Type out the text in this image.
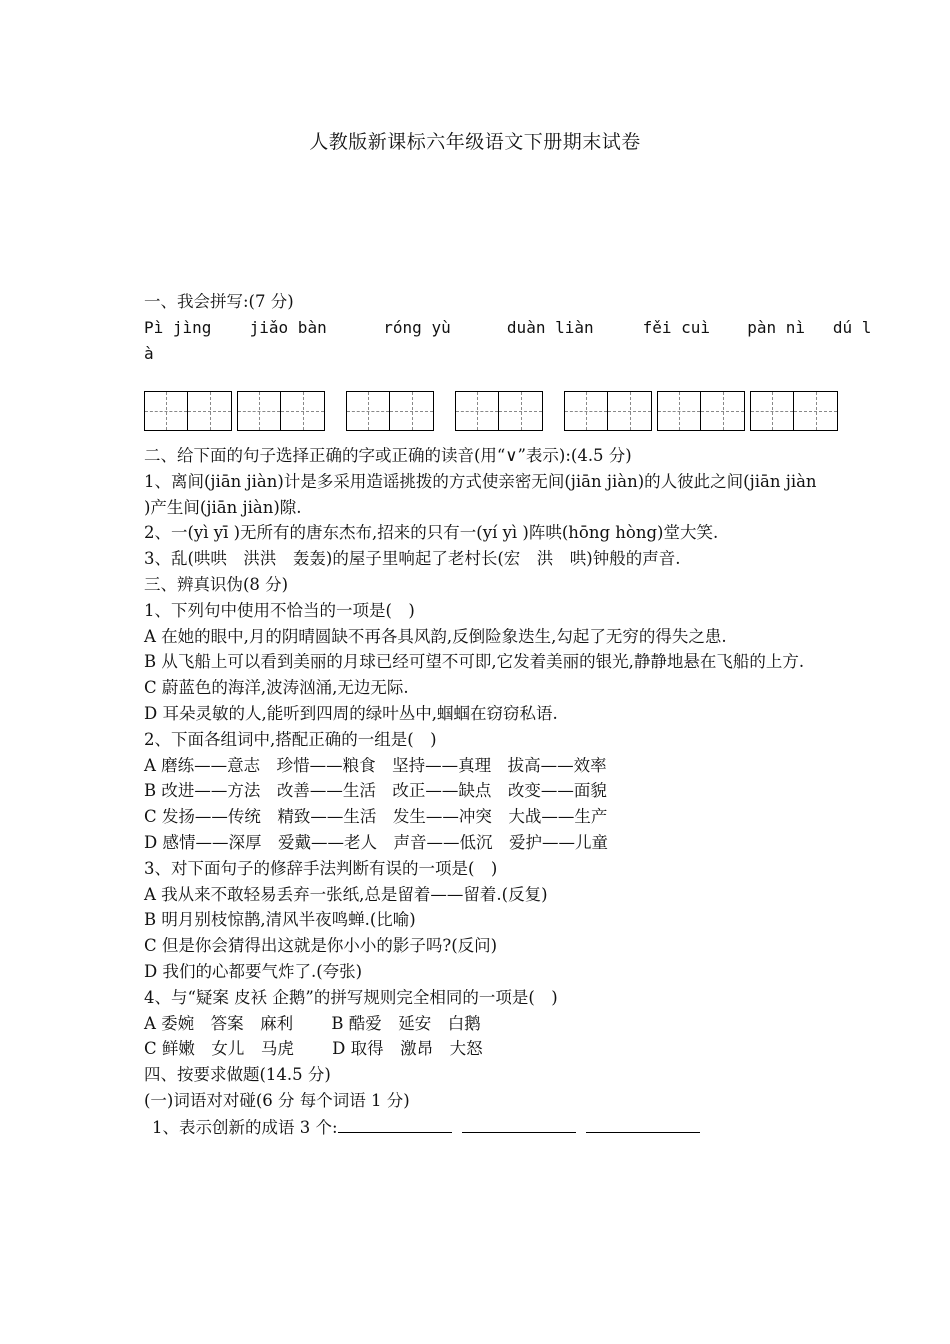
人教版新课标六年级语文下册期末试卷
一、我会拼写:(7 分)
Pì jìng jiǎo bàn	róng yù	duàn liàn	fěi cuì pàn nì dú l
à
二、给下面的句子选择正确的字或正确的读音(用“∨”表示):(4.5 分)
1、离间(jiān jiàn)计是多采用造谣挑拨的方式使亲密无间(jiān jiàn)的人彼此之间(jiān jiàn )产生间(jiān jiàn)隙.
2、一(yì yī )无所有的唐东杰布,招来的只有一(yí yì )阵哄(hōng hòng)堂大笑.
3、乱(哄哄　洪洪　轰轰)的屋子里响起了老村长(宏　洪　哄)钟般的声音.
三、辨真识伪(8 分)
1、下列句中使用不恰当的一项是(　)
A 在她的眼中,月的阴晴圆缺不再各具风韵,反倒险象迭生,勾起了无穷的得失之患.
B 从飞船上可以看到美丽的月球已经可望不可即,它发着美丽的银光,静静地悬在飞船的上方.
C 蔚蓝色的海洋,波涛汹涌,无边无际.
D 耳朵灵敏的人,能听到四周的绿叶丛中,蝈蝈在窃窃私语.
2、下面各组词中,搭配正确的一组是(　)
A 磨练——意志　珍惜——粮食　坚持——真理　拔高——效率
B 改进——方法　改善——生活　改正——缺点　改变——面貌
C 发扬——传统　精致——生活　发生——冲突　大战——生产
D 感情——深厚　爱戴——老人　声音——低沉　爱护——儿童
3、对下面句子的修辞手法判断有误的一项是(　)
A 我从来不敢轻易丢弃一张纸,总是留着——留着.(反复)
B 明月别枝惊鹊,清风半夜鸣蝉.(比喻)
C 但是你会猜得出这就是你小小的影子吗?(反问)
D 我们的心都要气炸了.(夸张)
4、与“疑案 皮袄 企鹅”的拼写规则完全相同的一项是(　)
A 委婉　答案　麻利　　 B 酷爱　延安　白鹅
C 鲜嫩　女儿　马虎　　 D 取得　激昂　大怒
四、按要求做题(14.5 分)
(一)词语对对碰(6 分 每个词语 1 分)
1、表示创新的成语 3 个:
